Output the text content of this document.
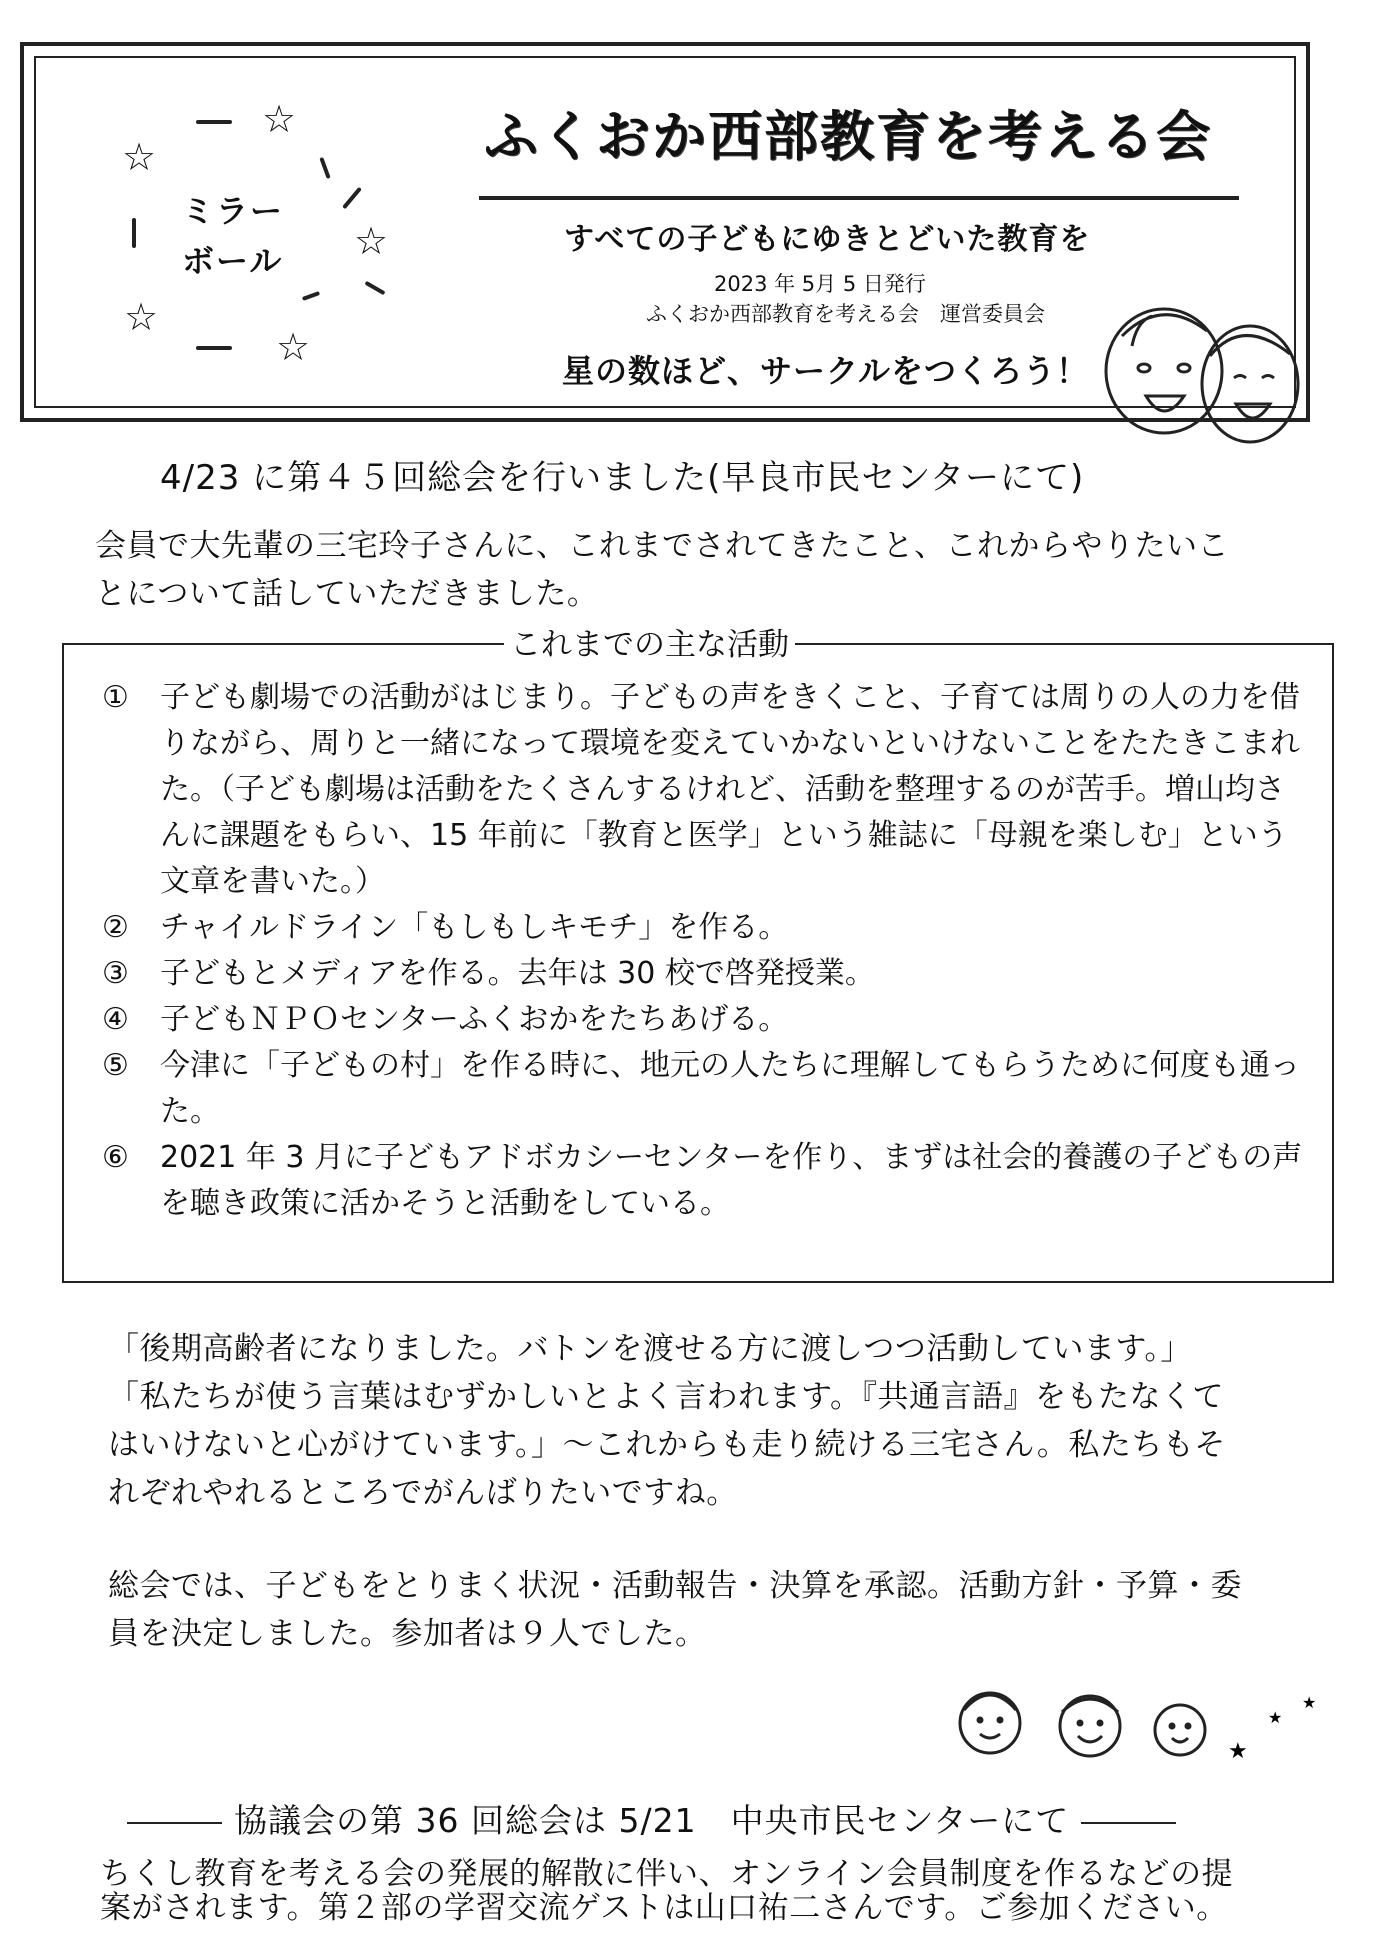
☆
☆
☆
☆
☆
ミラー
ボール
ふくおか西部教育を考える会
すべての子どもにゆきとどいた教育を
2023 年 5月 5 日発行
ふくおか西部教育を考える会　運営委員会
星の数ほど、サークルをつくろう！
4/23 に第４５回総会を行いました(早良市民センターにて)
会員で大先輩の三宅玲子さんに、これまでされてきたこと、これからやりたいこ
とについて話していただきました。
これまでの主な活動
①	子ども劇場での活動がはじまり。子どもの声をきくこと、子育ては周りの人の力を借りながら、周りと一緒になって環境を変えていかないといけないことをたたきこまれた。（子ども劇場は活動をたくさんするけれど、活動を整理するのが苦手。増山均さんに課題をもらい、15 年前に「教育と医学」という雑誌に「母親を楽しむ」という文章を書いた。）
②	チャイルドライン「もしもしキモチ」を作る。
③	子どもとメディアを作る。去年は 30 校で啓発授業。
④	子どもＮＰＯセンターふくおかをたちあげる。
⑤	今津に「子どもの村」を作る時に、地元の人たちに理解してもらうために何度も通った。
⑥	2021 年 3 月に子どもアドボカシーセンターを作り、まずは社会的養護の子どもの声を聴き政策に活かそうと活動をしている。
「後期高齢者になりました。バトンを渡せる方に渡しつつ活動しています。」
「私たちが使う言葉はむずかしいとよく言われます。『共通言語』をもたなくて
はいけないと心がけています。」～これからも走り続ける三宅さん。私たちもそ
れぞれやれるところでがんばりたいですね。
総会では、子どもをとりまく状況・活動報告・決算を承認。活動方針・予算・委
員を決定しました。参加者は９人でした。
★
★
★
協議会の第 36 回総会は 5/21　中央市民センターにて
ちくし教育を考える会の発展的解散に伴い、オンライン会員制度を作るなどの提
案がされます。第２部の学習交流ゲストは山口祐二さんです。ご参加ください。
